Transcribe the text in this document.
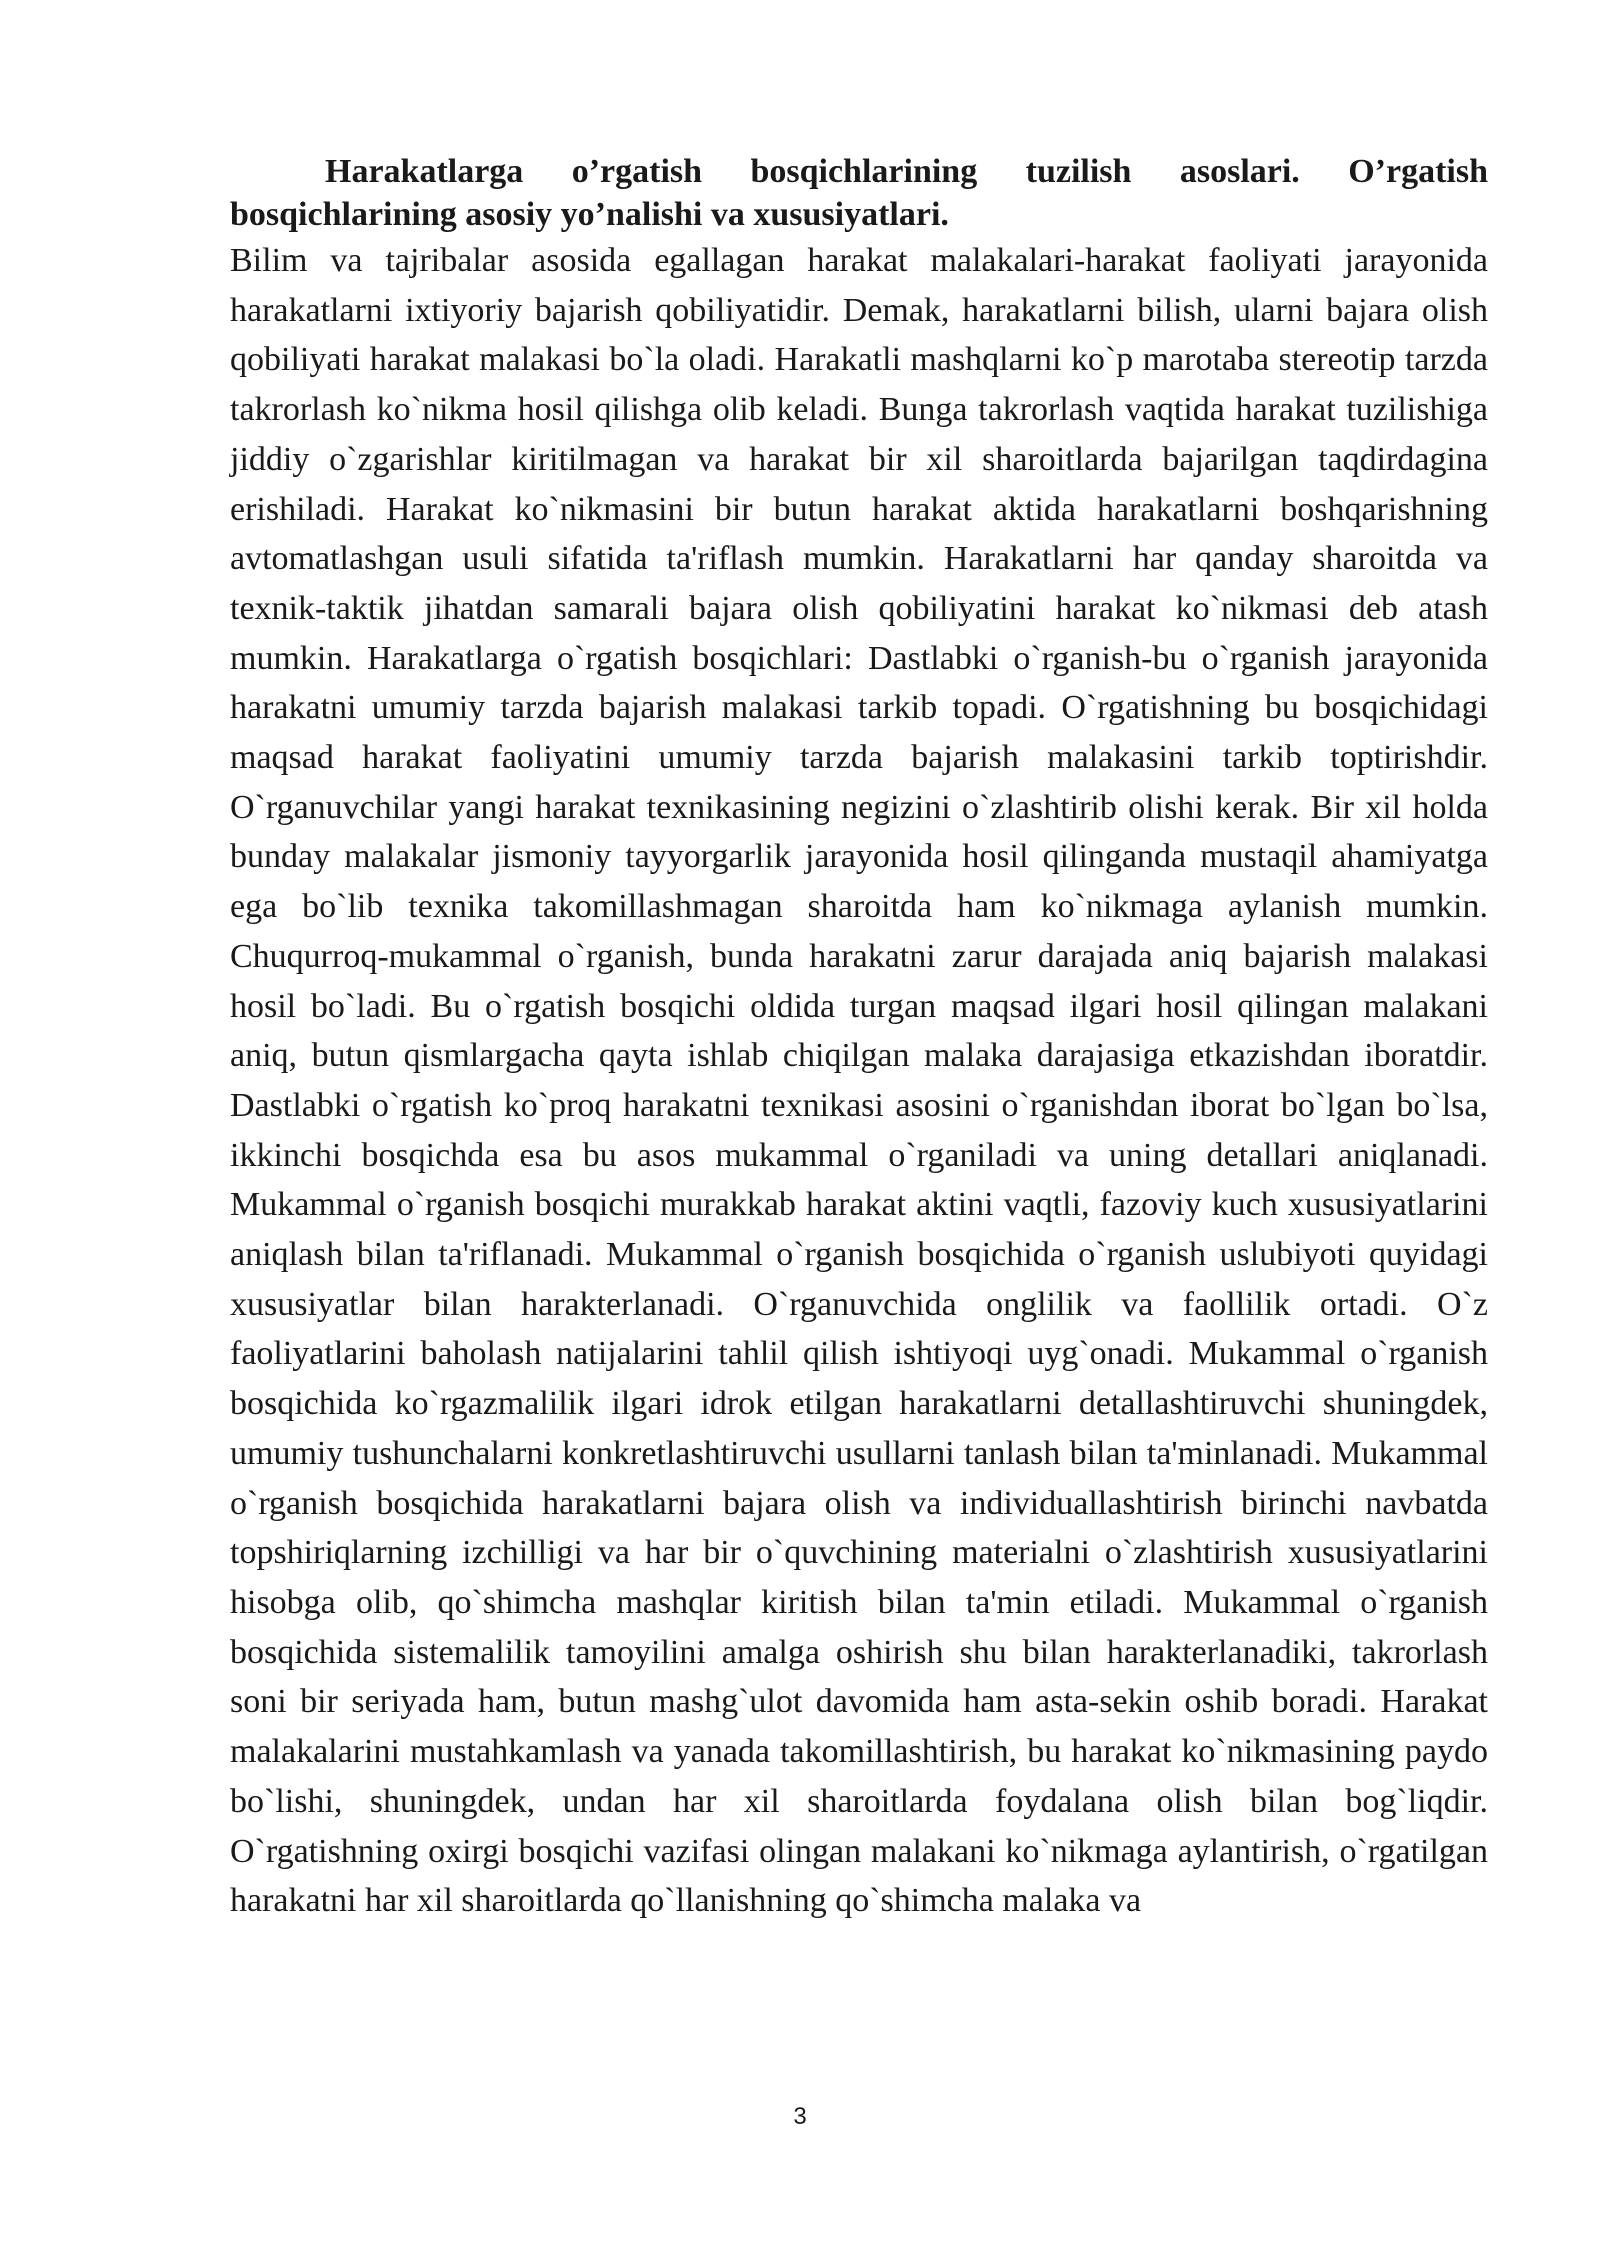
Harakatlarga o’rgatish bosqichlarining tuzilish asoslari. O’rgatish bosqichlarining asosiy yo’nalishi va xususiyatlari.

Bilim va tajribalar asosida egallagan harakat malakalari-harakat faoliyati jarayonida harakatlarni ixtiyoriy bajarish qobiliyatidir. Demak, harakatlarni bilish, ularni bajara olish qobiliyati harakat malakasi bo`la oladi. Harakatli mashqlarni ko`p marotaba stereotip tarzda takrorlash ko`nikma hosil qilishga olib keladi. Bunga takrorlash vaqtida harakat tuzilishiga jiddiy o`zgarishlar kiritilmagan va harakat bir xil sharoitlarda bajarilgan taqdirdagina erishiladi. Harakat ko`nikmasini bir butun harakat aktida harakatlarni boshqarishning avtomatlashgan usuli sifatida ta'riflash mumkin. Harakatlarni har qanday sharoitda va texnik-taktik jihatdan samarali bajara olish qobiliyatini harakat ko`nikmasi deb atash mumkin. Harakatlarga o`rgatish bosqichlari: Dastlabki o`rganish-bu o`rganish jarayonida harakatni umumiy tarzda bajarish malakasi tarkib topadi. O`rgatishning bu bosqichidagi maqsad harakat faoliyatini umumiy tarzda bajarish malakasini tarkib toptirishdir. O`rganuvchilar yangi harakat texnikasining negizini o`zlashtirib olishi kerak. Bir xil holda bunday malakalar jismoniy tayyorgarlik jarayonida hosil qilinganda mustaqil ahamiyatga ega bo`lib texnika takomillashmagan sharoitda ham ko`nikmaga aylanish mumkin. Chuqurroq-mukammal o`rganish, bunda harakatni zarur darajada aniq bajarish malakasi hosil bo`ladi. Bu o`rgatish bosqichi oldida turgan maqsad ilgari hosil qilingan malakani aniq, butun qismlargacha qayta ishlab chiqilgan malaka darajasiga etkazishdan iboratdir. Dastlabki o`rgatish ko`proq harakatni texnikasi asosini o`rganishdan iborat bo`lgan bo`lsa, ikkinchi bosqichda esa bu asos mukammal o`rganiladi va uning detallari aniqlanadi. Mukammal o`rganish bosqichi murakkab harakat aktini vaqtli, fazoviy kuch xususiyatlarini aniqlash bilan ta'riflanadi. Mukammal o`rganish bosqichida o`rganish uslubiyoti quyidagi xususiyatlar bilan harakterlanadi. O`rganuvchida onglilik va faollilik ortadi. O`z faoliyatlarini baholash natijalarini tahlil qilish ishtiyoqi uyg`onadi. Mukammal o`rganish bosqichida ko`rgazmalilik ilgari idrok etilgan harakatlarni detallashtiruvchi shuningdek, umumiy tushunchalarni konkretlashtiruvchi usullarni tanlash bilan ta'minlanadi. Mukammal o`rganish bosqichida harakatlarni bajara olish va individuallashtirish birinchi navbatda topshiriqlarning izchilligi va har bir o`quvchining materialni o`zlashtirish xususiyatlarini hisobga olib, qo`shimcha mashqlar kiritish bilan ta'min etiladi. Mukammal o`rganish bosqichida sistemalilik tamoyilini amalga oshirish shu bilan harakterlanadiki, takrorlash soni bir seriyada ham, butun mashg`ulot davomida ham asta-sekin oshib boradi. Harakat malakalarini mustahkamlash va yanada takomillashtirish, bu harakat ko`nikmasining paydo bo`lishi, shuningdek, undan har xil sharoitlarda foydalana olish bilan bog`liqdir. O`rgatishning oxirgi bosqichi vazifasi olingan malakani ko`nikmaga aylantirish, o`rgatilgan harakatni har xil sharoitlarda qo`llanishning qo`shimcha malaka va

3
